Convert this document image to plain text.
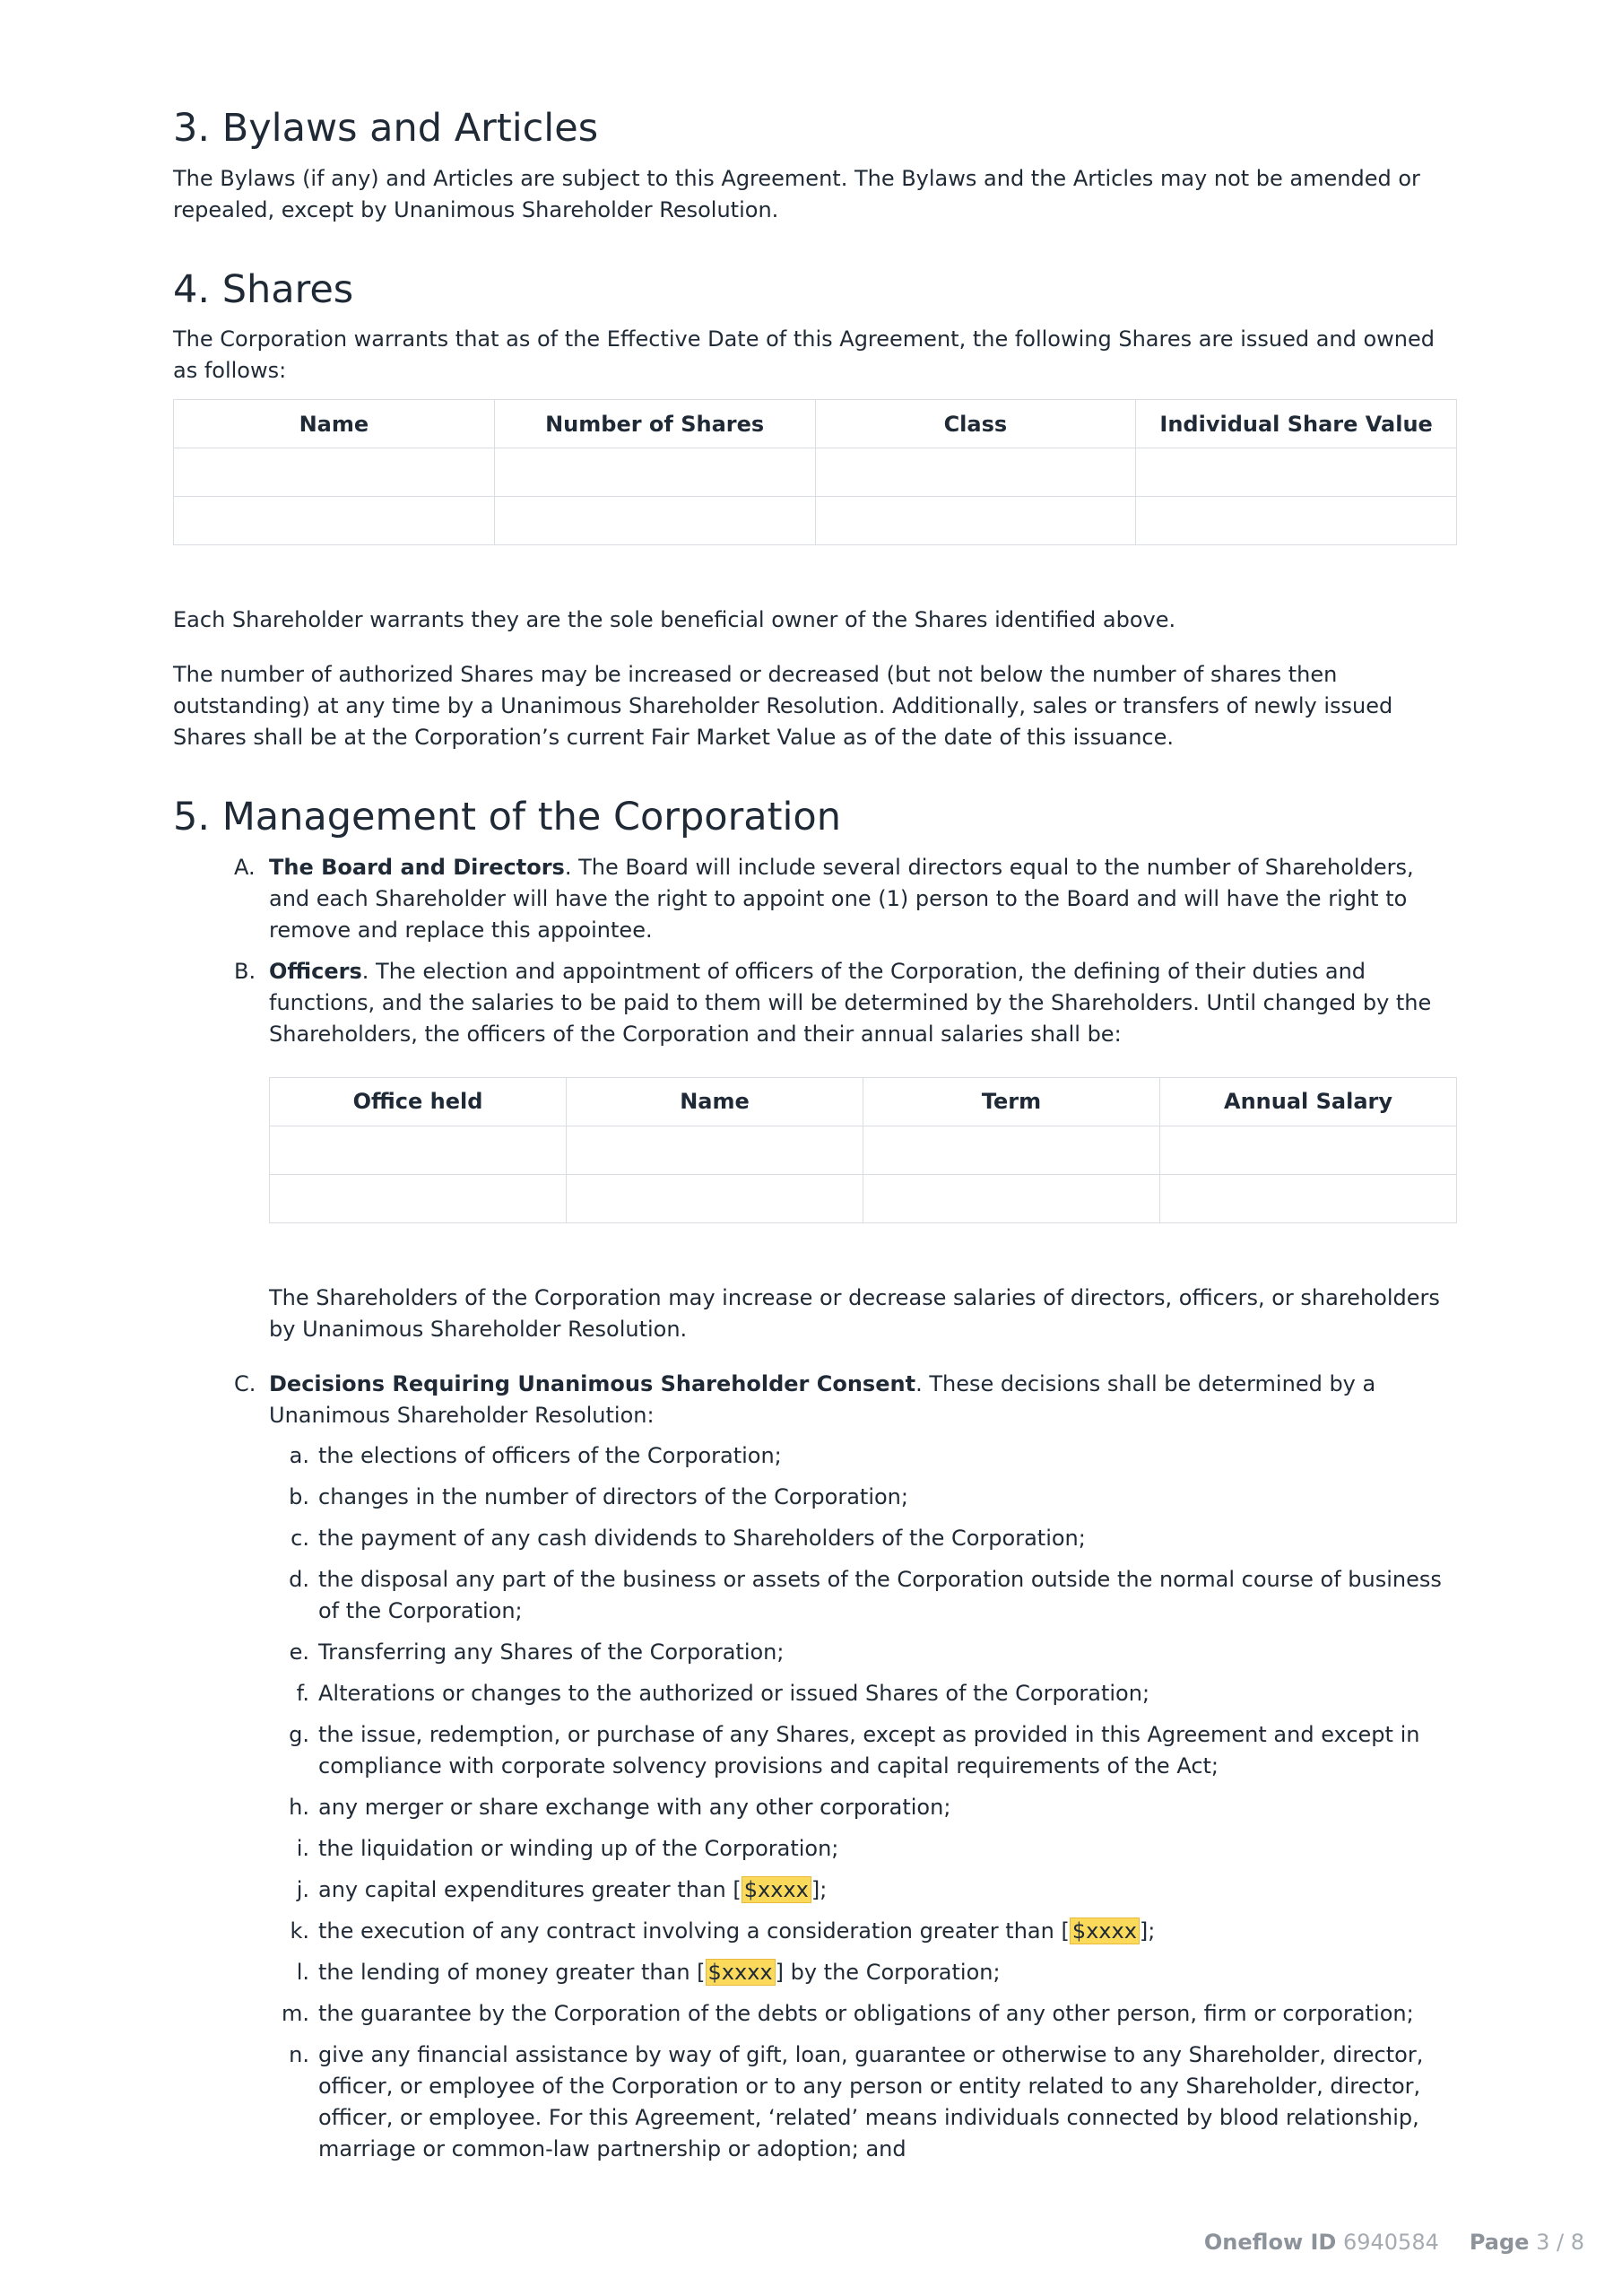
3. Bylaws and Articles

The Bylaws (if any) and Articles are subject to this Agreement. The Bylaws and the Articles may not be amended or repealed, except by Unanimous Shareholder Resolution.

4. Shares

The Corporation warrants that as of the Effective Date of this Agreement, the following Shares are issued and owned as follows:

Name	Number of Shares	Class	Individual Share Value

Each Shareholder warrants they are the sole beneficial owner of the Shares identified above.

The number of authorized Shares may be increased or decreased (but not below the number of shares then outstanding) at any time by a Unanimous Shareholder Resolution. Additionally, sales or transfers of newly issued Shares shall be at the Corporation’s current Fair Market Value as of the date of this issuance.

5. Management of the Corporation
A. The Board and Directors. The Board will include several directors equal to the number of Shareholders, and each Shareholder will have the right to appoint one (1) person to the Board and will have the right to remove and replace this appointee.
B. Officers. The election and appointment of officers of the Corporation, the defining of their duties and functions, and the salaries to be paid to them will be determined by the Shareholders. Until changed by the Shareholders, the officers of the Corporation and their annual salaries shall be:
Office held	Name	Term	Annual Salary

The Shareholders of the Corporation may increase or decrease salaries of directors, officers, or shareholders by Unanimous Shareholder Resolution.

C. Decisions Requiring Unanimous Shareholder Consent. These decisions shall be determined by a Unanimous Shareholder Resolution:
a. the elections of officers of the Corporation;
b. changes in the number of directors of the Corporation;
c. the payment of any cash dividends to Shareholders of the Corporation;
d. the disposal any part of the business or assets of the Corporation outside the normal course of business of the Corporation;
e. Transferring any Shares of the Corporation;
f. Alterations or changes to the authorized or issued Shares of the Corporation;
g. the issue, redemption, or purchase of any Shares, except as provided in this Agreement and except in compliance with corporate solvency provisions and capital requirements of the Act;
h. any merger or share exchange with any other corporation;
i. the liquidation or winding up of the Corporation;
j. any capital expenditures greater than [ $xxxx ];
k. the execution of any contract involving a consideration greater than [ $xxxx ];
l. the lending of money greater than [ $xxxx ] by the Corporation;
m. the guarantee by the Corporation of the debts or obligations of any other person, firm or corporation;
n. give any financial assistance by way of gift, loan, guarantee or otherwise to any Shareholder, director, officer, or employee of the Corporation or to any person or entity related to any Shareholder, director, officer, or employee. For this Agreement, ‘related’ means individuals connected by blood relationship, marriage or common-law partnership or adoption; and
Oneflow ID 6940584 Page 3 / 8
